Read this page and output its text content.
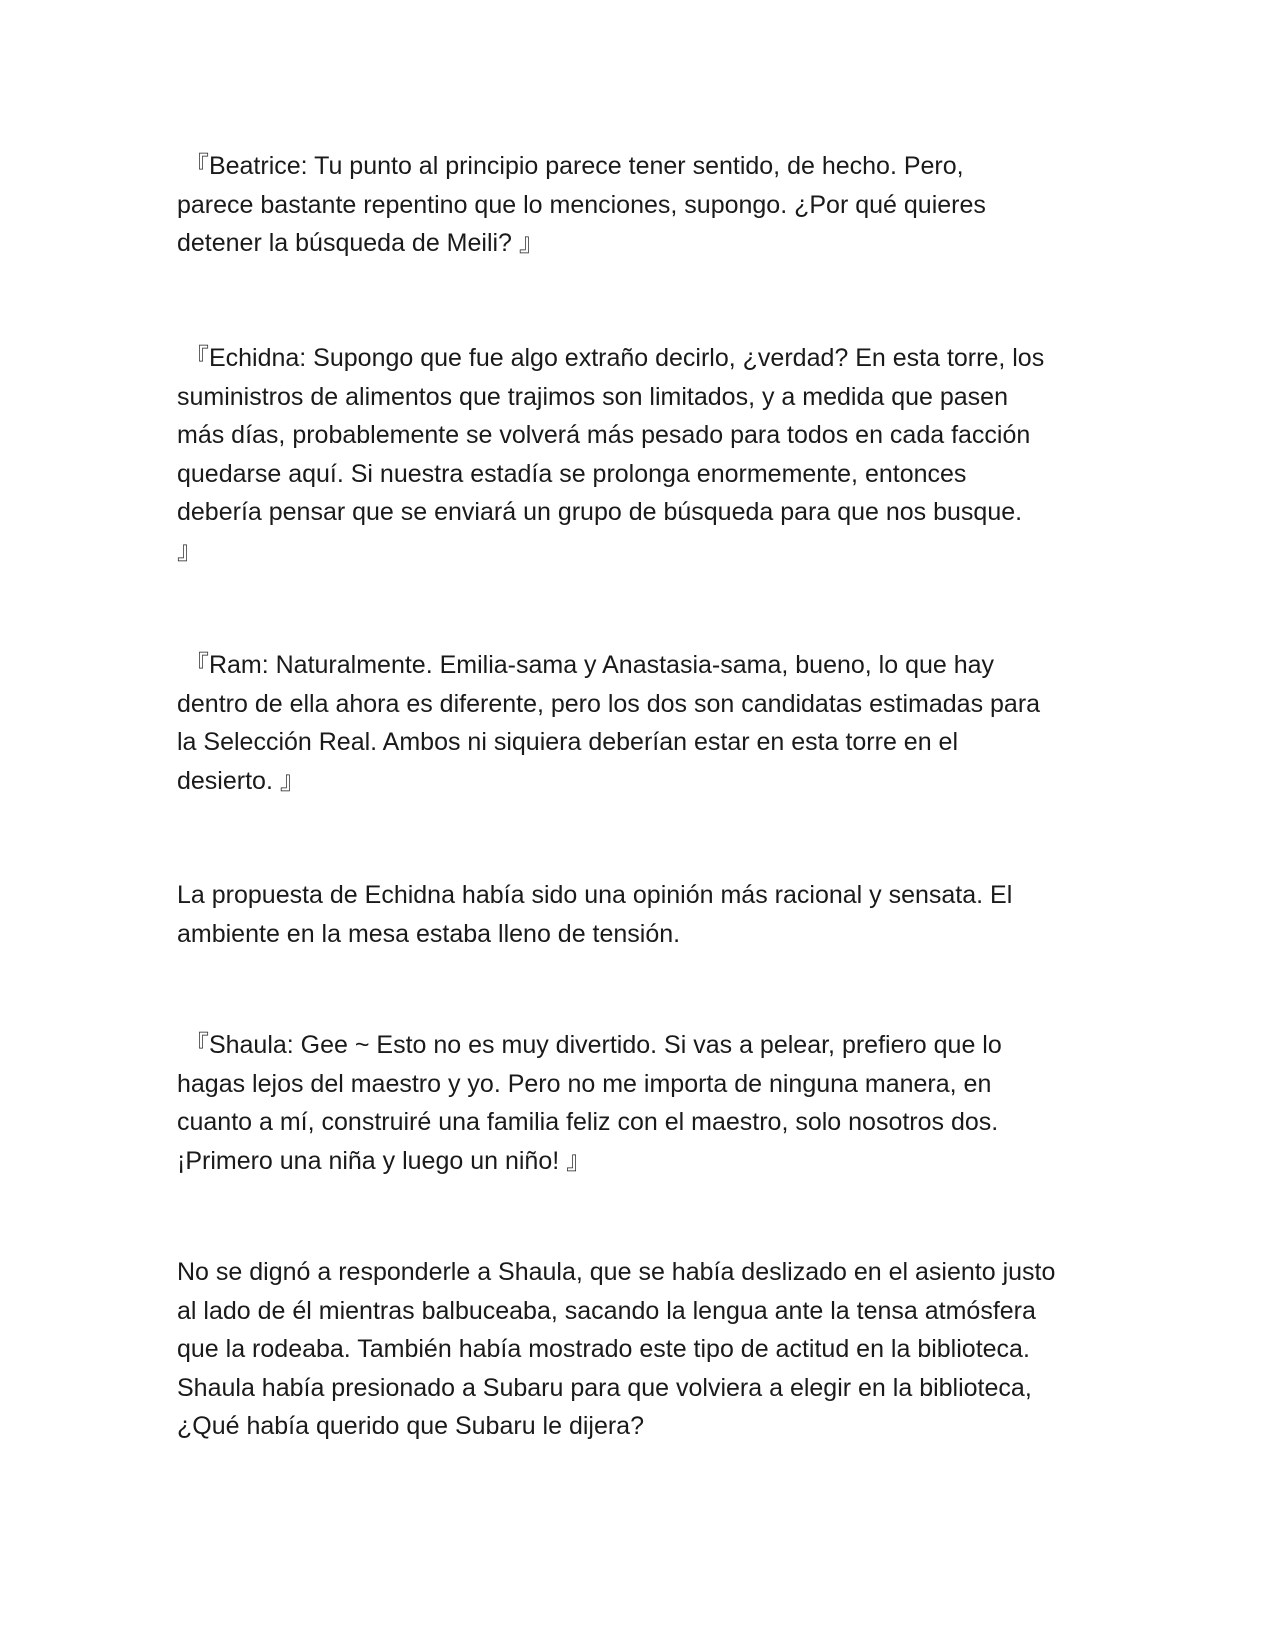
『Beatrice: Tu punto al principio parece tener sentido, de hecho. Pero,
parece bastante repentino que lo menciones, supongo. ¿Por qué quieres
detener la búsqueda de Meili? 』

『Echidna: Supongo que fue algo extraño decirlo, ¿verdad? En esta torre, los
suministros de alimentos que trajimos son limitados, y a medida que pasen
más días, probablemente se volverá más pesado para todos en cada facción
quedarse aquí. Si nuestra estadía se prolonga enormemente, entonces
debería pensar que se enviará un grupo de búsqueda para que nos busque.
』

『Ram: Naturalmente. Emilia-sama y Anastasia-sama, bueno, lo que hay
dentro de ella ahora es diferente, pero los dos son candidatas estimadas para
la Selección Real. Ambos ni siquiera deberían estar en esta torre en el
desierto. 』

La propuesta de Echidna había sido una opinión más racional y sensata. El
ambiente en la mesa estaba lleno de tensión.

『Shaula: Gee ~ Esto no es muy divertido. Si vas a pelear, prefiero que lo
hagas lejos del maestro y yo. Pero no me importa de ninguna manera, en
cuanto a mí, construiré una familia feliz con el maestro, solo nosotros dos.
¡Primero una niña y luego un niño! 』

No se dignó a responderle a Shaula, que se había deslizado en el asiento justo
al lado de él mientras balbuceaba, sacando la lengua ante la tensa atmósfera
que la rodeaba. También había mostrado este tipo de actitud en la biblioteca.
Shaula había presionado a Subaru para que volviera a elegir en la biblioteca,
¿Qué había querido que Subaru le dijera?
